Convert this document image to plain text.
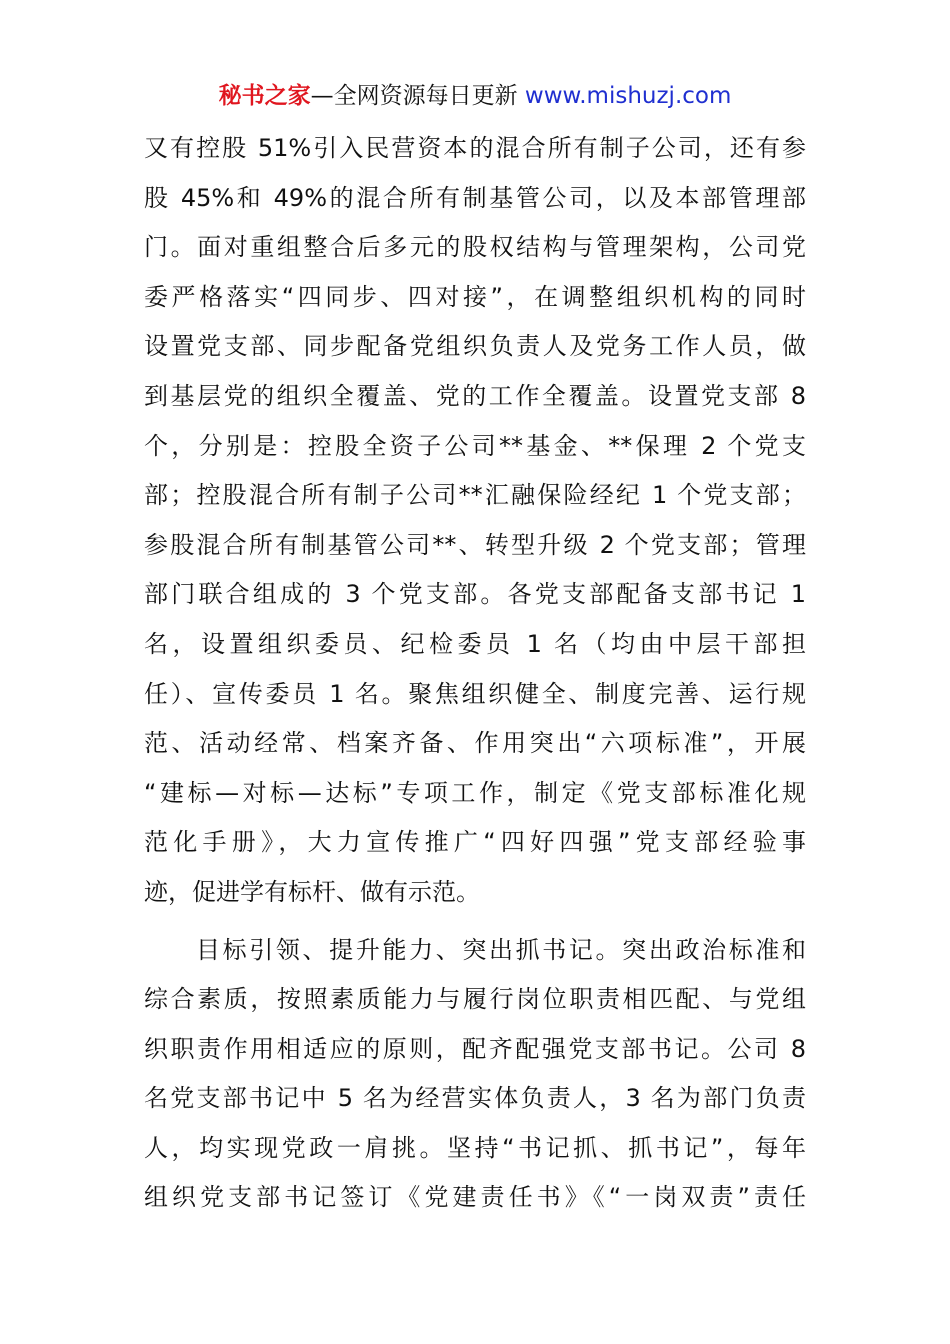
秘书之家—全网资源每日更新 www.mishuzj.com
又有控股 51%引入民营资本的混合所有制子公司，还有参
股 45%和 49%的混合所有制基管公司，以及本部管理部
门。面对重组整合后多元的股权结构与管理架构，公司党
委严格落实“四同步、四对接”，在调整组织机构的同时
设置党支部、同步配备党组织负责人及党务工作人员，做
到基层党的组织全覆盖、党的工作全覆盖。设置党支部 8
个，分别是：控股全资子公司**基金、**保理 2 个党支
部；控股混合所有制子公司**汇融保险经纪 1 个党支部；
参股混合所有制基管公司**、转型升级 2 个党支部；管理
部门联合组成的 3 个党支部。各党支部配备支部书记 1
名，设置组织委员、纪检委员 1 名（均由中层干部担
任）、宣传委员 1 名。聚焦组织健全、制度完善、运行规
范、活动经常、档案齐备、作用突出“六项标准”，开展
“建标—对标—达标”专项工作，制定《党支部标准化规
范化手册》，大力宣传推广“四好四强”党支部经验事
迹，促进学有标杆、做有示范。
目标引领、提升能力、突出抓书记。突出政治标准和
综合素质，按照素质能力与履行岗位职责相匹配、与党组
织职责作用相适应的原则，配齐配强党支部书记。公司 8
名党支部书记中 5 名为经营实体负责人，3 名为部门负责
人，均实现党政一肩挑。坚持“书记抓、抓书记”，每年
组织党支部书记签订《党建责任书》《“一岗双责”责任
